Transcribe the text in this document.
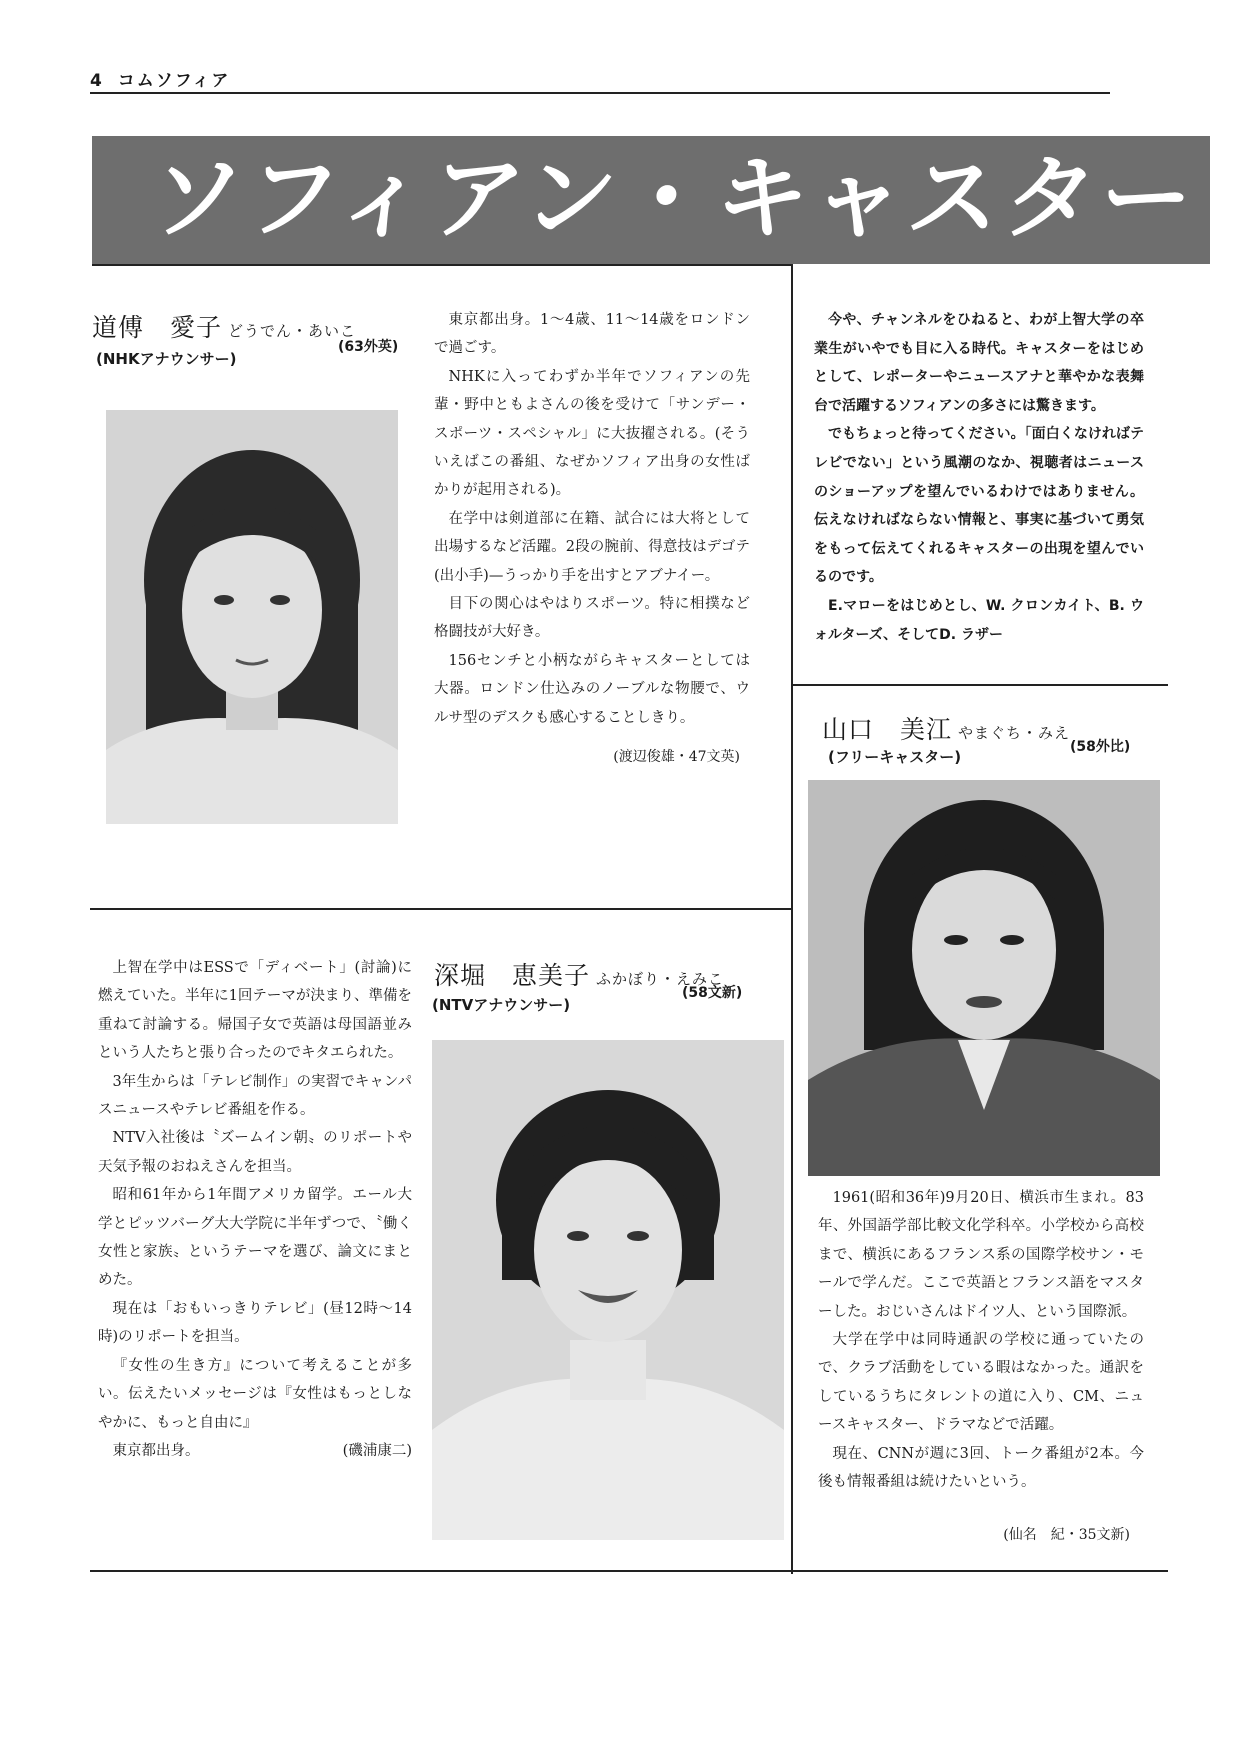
4 コムソフィア
ソフィアン・キャスター
道傅　愛子 どうでん・あいこ
(63外英)
(NHKアナウンサー)

東京都出身。1〜4歳、11〜14歳をロンドンで過ごす。

NHKに入ってわずか半年でソフィアンの先輩・野中ともよさんの後を受けて「サンデー・スポーツ・スペシャル」に大抜擢される。(そういえばこの番組、なぜかソフィア出身の女性ばかりが起用される)。

在学中は剣道部に在籍、試合には大将として出場するなど活躍。2段の腕前、得意技はデゴテ(出小手)—うっかり手を出すとアブナイー。

目下の関心はやはりスポーツ。特に相撲など格闘技が大好き。

156センチと小柄ながらキャスターとしては大器。ロンドン仕込みのノーブルな物腰で、ウルサ型のデスクも感心することしきり。

(渡辺俊雄・47文英)

今や、チャンネルをひねると、わが上智大学の卒業生がいやでも目に入る時代。キャスターをはじめとして、レポーターやニュースアナと華やかな表舞台で活躍するソフィアンの多さには驚きます。

でもちょっと待ってください。「面白くなければテレビでない」という風潮のなか、視聴者はニュースのショーアップを望んでいるわけではありません。伝えなければならない情報と、事実に基づいて勇気をもって伝えてくれるキャスターの出現を望んでいるのです。

E.マローをはじめとし、W. クロンカイト、B. ウォルターズ、そしてD. ラザー

山口　美江 やまぐち・みえ
(58外比)
(フリーキャスター)

1961(昭和36年)9月20日、横浜市生まれ。83年、外国語学部比較文化学科卒。小学校から高校まで、横浜にあるフランス系の国際学校サン・モールで学んだ。ここで英語とフランス語をマスターした。おじいさんはドイツ人、という国際派。

大学在学中は同時通訳の学校に通っていたので、クラブ活動をしている暇はなかった。通訳をしているうちにタレントの道に入り、CM、ニュースキャスター、ドラマなどで活躍。

現在、CNNが週に3回、トーク番組が2本。今後も情報番組は続けたいという。

(仙名　紀・35文新)

上智在学中はESSで「ディベート」(討論)に燃えていた。半年に1回テーマが決まり、準備を重ねて討論する。帰国子女で英語は母国語並みという人たちと張り合ったのでキタエられた。

3年生からは「テレビ制作」の実習でキャンパスニュースやテレビ番組を作る。

NTV入社後は〝ズームイン朝〟のリポートや天気予報のおねえさんを担当。

昭和61年から1年間アメリカ留学。エール大学とピッツバーグ大大学院に半年ずつで、〝働く女性と家族〟というテーマを選び、論文にまとめた。

現在は「おもいっきりテレビ」(昼12時〜14時)のリポートを担当。

『女性の生き方』について考えることが多い。伝えたいメッセージは『女性はもっとしなやかに、もっと自由に』

東京都出身。	(磯浦康二)

深堀　恵美子 ふかぼり・えみこ
(58文新)
(NTVアナウンサー)
